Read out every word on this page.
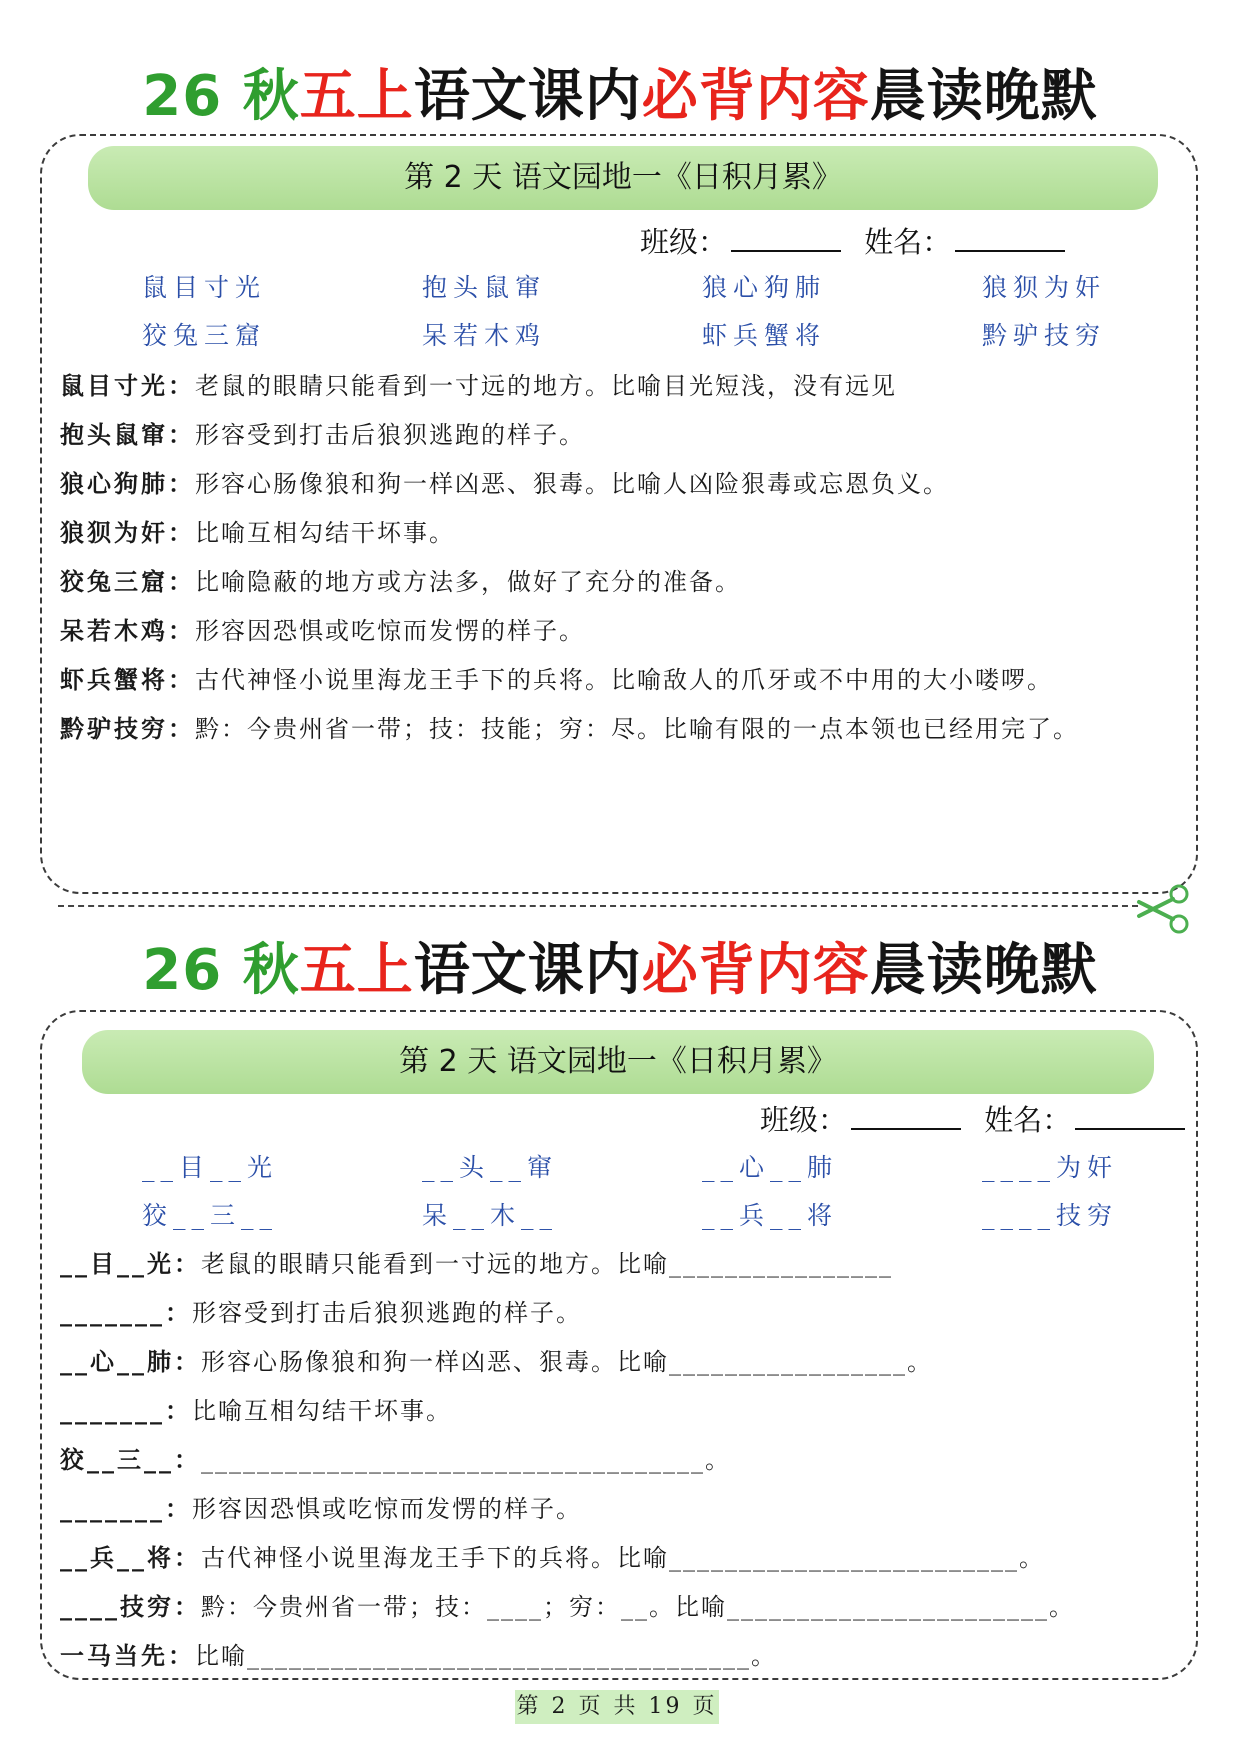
26 秋五上语文课内必背内容晨读晚默
第 2 天 语文园地一《日积月累》
班级：	姓名：
鼠目寸光	抱头鼠窜	狼心狗肺	狼狈为奸
狡兔三窟	呆若木鸡	虾兵蟹将	黔驴技穷
鼠目寸光：老鼠的眼睛只能看到一寸远的地方。比喻目光短浅，没有远见
抱头鼠窜：形容受到打击后狼狈逃跑的样子。
狼心狗肺：形容心肠像狼和狗一样凶恶、狠毒。比喻人凶险狠毒或忘恩负义。
狼狈为奸：比喻互相勾结干坏事。
狡兔三窟：比喻隐蔽的地方或方法多，做好了充分的准备。
呆若木鸡：形容因恐惧或吃惊而发愣的样子。
虾兵蟹将：古代神怪小说里海龙王手下的兵将。比喻敌人的爪牙或不中用的大小喽啰。
黔驴技穷：黔：今贵州省一带；技：技能；穷：尽。比喻有限的一点本领也已经用完了。
26 秋五上语文课内必背内容晨读晚默
第 2 天 语文园地一《日积月累》
班级：	姓名：
__目__光	__头__窜	__心__肺	____为奸
狡__三__	呆__木__	__兵__将	____技穷
__目__光：老鼠的眼睛只能看到一寸远的地方。比喻________________
_______：形容受到打击后狼狈逃跑的样子。
__心__肺：形容心肠像狼和狗一样凶恶、狠毒。比喻_________________。
_______：比喻互相勾结干坏事。
狡__三__：____________________________________。
_______：形容因恐惧或吃惊而发愣的样子。
__兵__将：古代神怪小说里海龙王手下的兵将。比喻_________________________。
____技穷：黔：今贵州省一带；技：____；穷：__。比喻_______________________。
一马当先：比喻____________________________________。
第 2 页 共 19 页
